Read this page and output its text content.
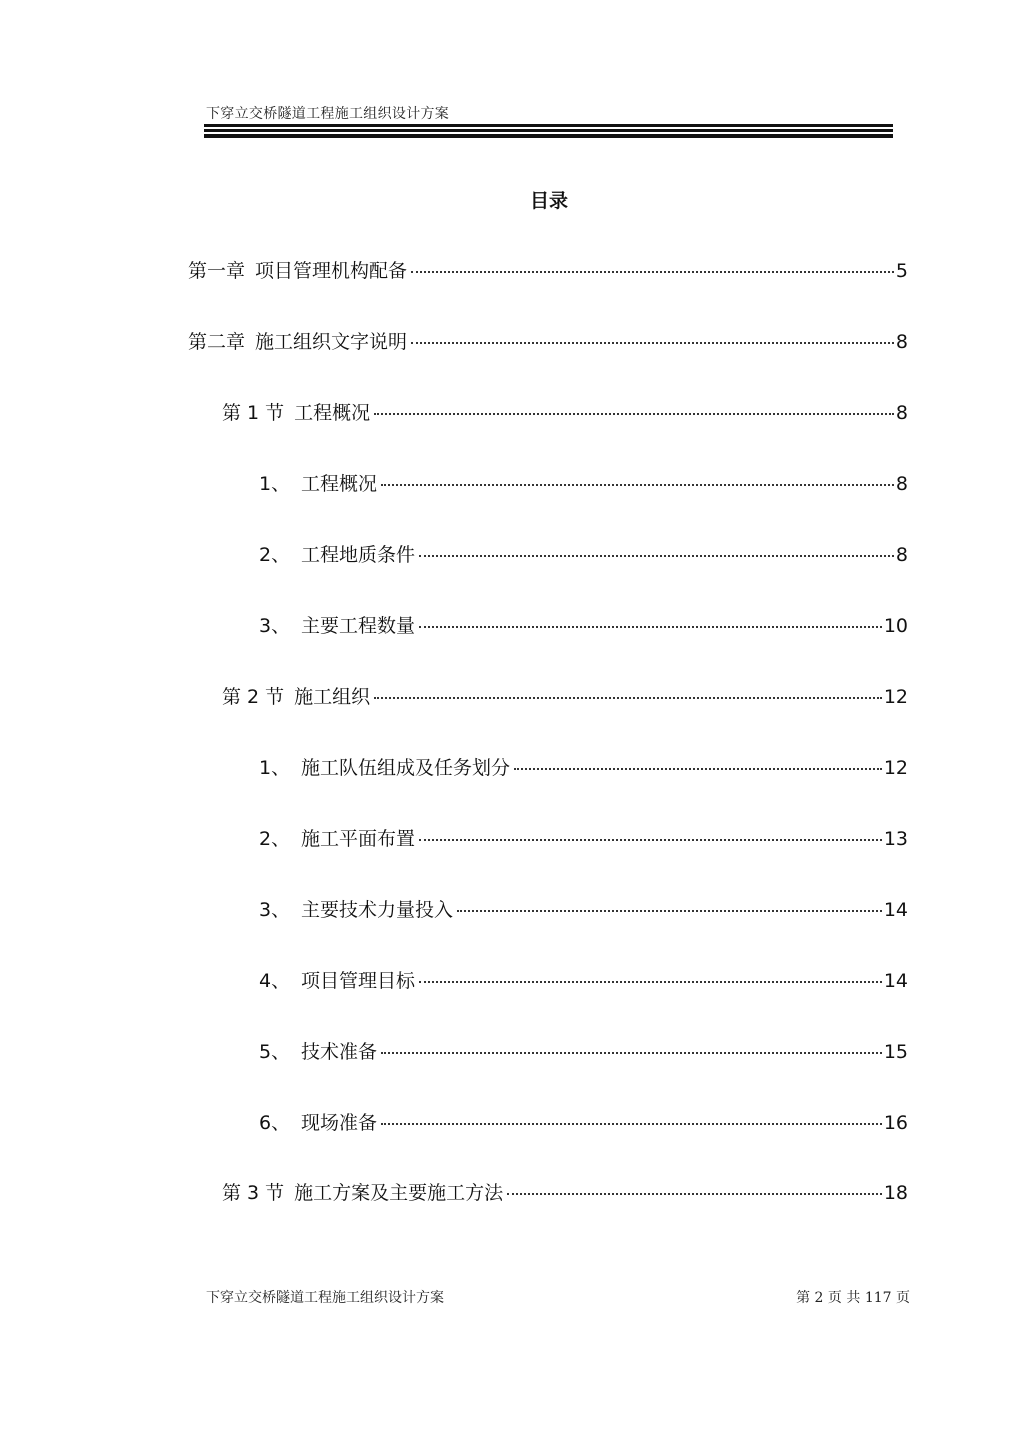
下穿立交桥隧道工程施工组织设计方案
目录
第一章 项目管理机构配备	5
第二章 施工组织文字说明	8
第 1 节 工程概况	8
1、 工程概况	8
2、 工程地质条件	8
3、 主要工程数量	10
第 2 节 施工组织	12
1、 施工队伍组成及任务划分	12
2、 施工平面布置	13
3、 主要技术力量投入	14
4、 项目管理目标	14
5、 技术准备	15
6、 现场准备	16
第 3 节 施工方案及主要施工方法	18
下穿立交桥隧道工程施工组织设计方案	第 2 页 共 117 页
